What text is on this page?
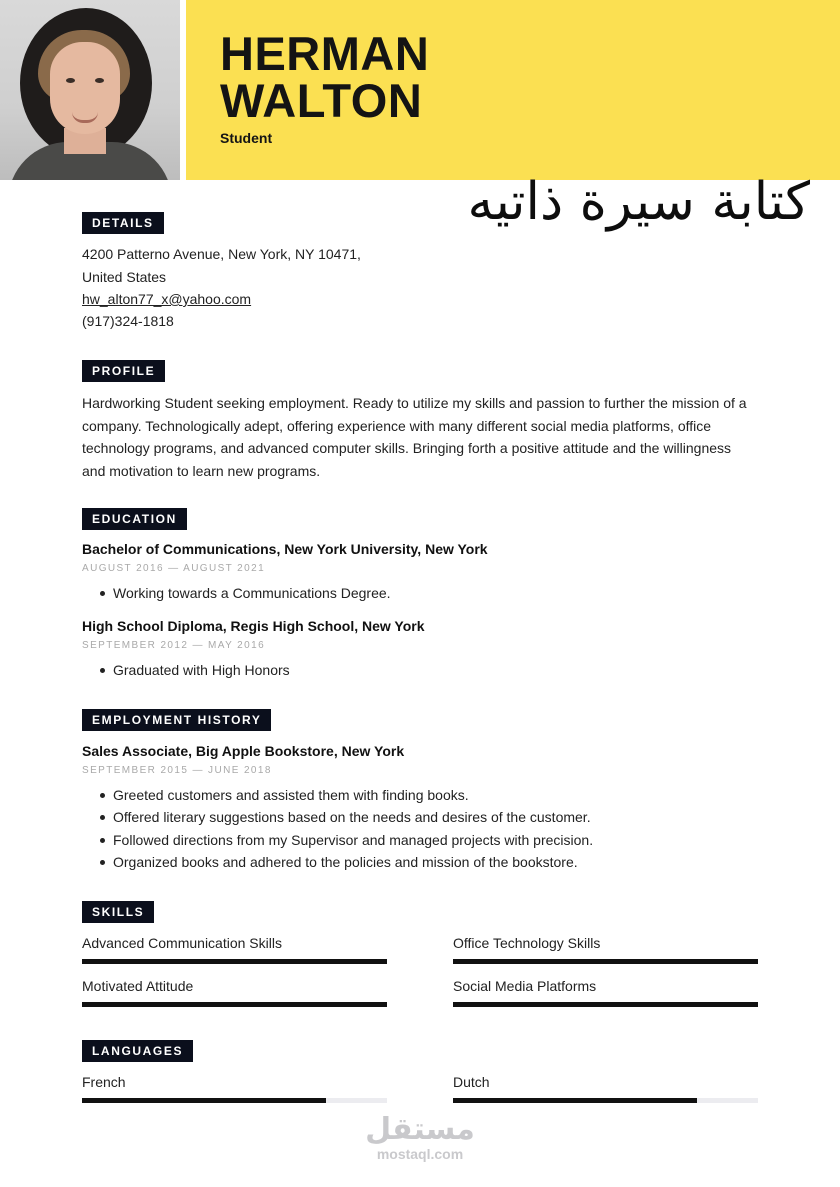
HERMAN
WALTON
Student
كتابة سيرة ذاتيه
DETAILS
4200 Patterno Avenue, New York, NY 10471,
United States
hw_alton77_x@yahoo.com
(917)324-1818
PROFILE
Hardworking Student seeking employment. Ready to utilize my skills and passion to further the mission of a company. Technologically adept, offering experience with many different social media platforms, office technology programs, and advanced computer skills. Bringing forth a positive attitude and the willingness and motivation to learn new programs.
EDUCATION
Bachelor of Communications, New York University, New York
AUGUST 2016 — AUGUST 2021
Working towards a Communications Degree.
High School Diploma, Regis High School, New York
SEPTEMBER 2012 — MAY 2016
Graduated with High Honors
EMPLOYMENT HISTORY
Sales Associate, Big Apple Bookstore, New York
SEPTEMBER 2015 — JUNE 2018
Greeted customers and assisted them with finding books.
Offered literary suggestions based on the needs and desires of the customer.
Followed directions from my Supervisor and managed projects with precision.
Organized books and adhered to the policies and mission of the bookstore.
SKILLS
Advanced Communication Skills	Office Technology Skills
Motivated Attitude	Social Media Platforms
LANGUAGES
French	Dutch
مستقل
mostaql.com
